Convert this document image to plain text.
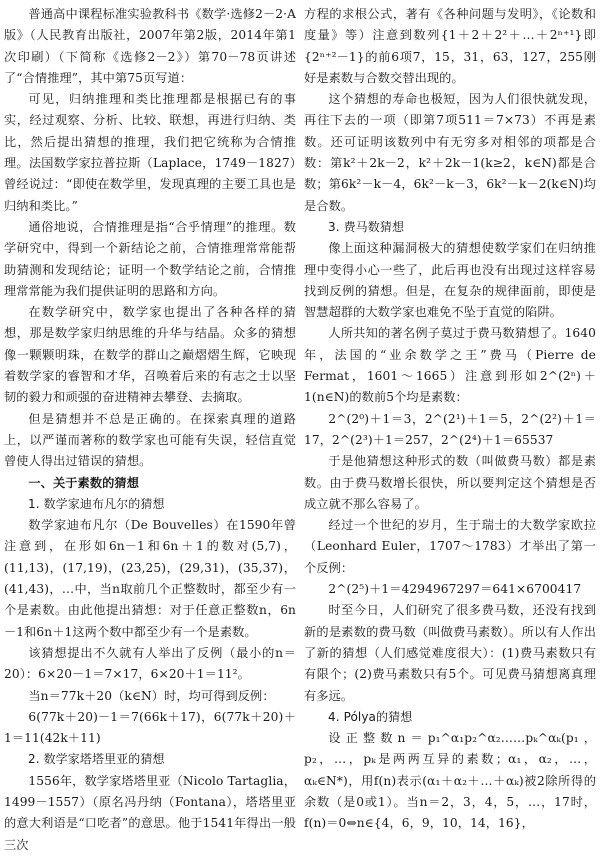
普通高中课程标准实验教科书《数学·选修2－2·A版》（人民教育出版社，2007年第2版，2014年第1次印刷）（下简称《选修2－2》）第70－78页讲述了“合情推理”，其中第75页写道：

可见，归纳推理和类比推理都是根据已有的事实，经过观察、分析、比较、联想，再进行归纳、类比，然后提出猜想的推理，我们把它统称为合情推理。法国数学家拉普拉斯（Laplace，1749－1827）曾经说过：“即使在数学里，发现真理的主要工具也是归纳和类比。”

通俗地说，合情推理是指“合乎情理”的推理。数学研究中，得到一个新结论之前，合情推理常常能帮助猜测和发现结论；证明一个数学结论之前，合情推理常常能为我们提供证明的思路和方向。

在数学研究中，数学家也提出了各种各样的猜想，那是数学家归纳思维的升华与结晶。众多的猜想像一颗颗明珠，在数学的群山之巅熠熠生辉，它映现着数学家的睿智和才华，召唤着后来的有志之士以坚韧的毅力和顽强的奋进精神去攀登、去摘取。

但是猜想并不总是正确的。在探索真理的道路上，以严谨而著称的数学家也可能有失误，轻信直觉曾使人得出过错误的猜想。

一、关于素数的猜想

1. 数学家迪布凡尔的猜想

数学家迪布凡尔（De Bouvelles）在1590年曾注意到，在形如6n－1和6n＋1的数对(5,7)，(11,13)，(17,19)，(23,25)，(29,31)，(35,37)，(41,43)，…中，当n取前几个正整数时，都至少有一个是素数。由此他提出猜想：对于任意正整数n，6n－1和6n＋1这两个数中都至少有一个是素数。

该猜想提出不久就有人举出了反例（最小的n＝20）：6×20－1＝7×17，6×20＋1＝11²。

当n＝77k＋20（k∈N）时，均可得到反例：

6(77k＋20)－1＝7(66k＋17)，6(77k＋20)＋1＝11(42k＋11)

2. 数学家塔塔里亚的猜想

1556年，数学家塔塔里亚（Nicolo Tartaglia，1499－1557）（原名冯丹纳（Fontana），塔塔里亚的意大利语是“口吃者”的意思。他于1541年得出一般三次

方程的求根公式，著有《各种问题与发明》，《论数和度量》等）注意到数列{1＋2＋2²＋…＋2ⁿ⁺¹}即{2ⁿ⁺²－1}的前6项7，15，31，63，127，255刚好是素数与合数交替出现的。

这个猜想的寿命也极短，因为人们很快就发现，再往下去的一项（即第7项511＝7×73）不再是素数。还可证明该数列中有无穷多对相邻的项都是合数：第k²＋2k－2，k²＋2k－1(k≥2，k∈N)都是合数；第6k²－k－4，6k²－k－3，6k²－k－2(k∈N)均是合数。

3. 费马数猜想

像上面这种漏洞极大的猜想使数学家们在归纳推理中变得小心一些了，此后再也没有出现过这样容易找到反例的猜想。但是，在复杂的规律面前，即使是智慧超群的大数学家也难免不坠于直觉的陷阱。

人所共知的著名例子莫过于费马数猜想了。1640年，法国的“业余数学之王”费马（Pierre de Fermat，1601～1665）注意到形如2^(2ⁿ)＋1(n∈N)的数前5个均是素数：

2^(2⁰)＋1＝3，2^(2¹)＋1＝5，2^(2²)＋1＝17，2^(2³)＋1＝257，2^(2⁴)＋1＝65537

于是他猜想这种形式的数（叫做费马数）都是素数。由于费马数增长很快，所以要判定这个猜想是否成立就不那么容易了。

经过一个世纪的岁月，生于瑞士的大数学家欧拉（Leonhard Euler，1707～1783）才举出了第一个反例：

2^(2⁵)＋1＝4294967297＝641×6700417

时至今日，人们研究了很多费马数，还没有找到新的是素数的费马数（叫做费马素数）。所以有人作出了新的猜想（人们感觉难度很大）：(1)费马素数只有有限个；(2)费马素数只有5个。可见费马猜想离真理有多远。

4. Pólya的猜想

设正整数n＝p₁^α₁p₂^α₂……pₖ^αₖ(p₁，p₂，…，pₖ是两两互异的素数；α₁，α₂，…，αₖ∈N*)，用f(n)表示(α₁＋α₂＋…＋αₖ)被2除所得的余数（是0或1）。当n＝2，3，4，5，…，17时，f(n)＝0⇔n∈{4，6，9，10，14，16}，
